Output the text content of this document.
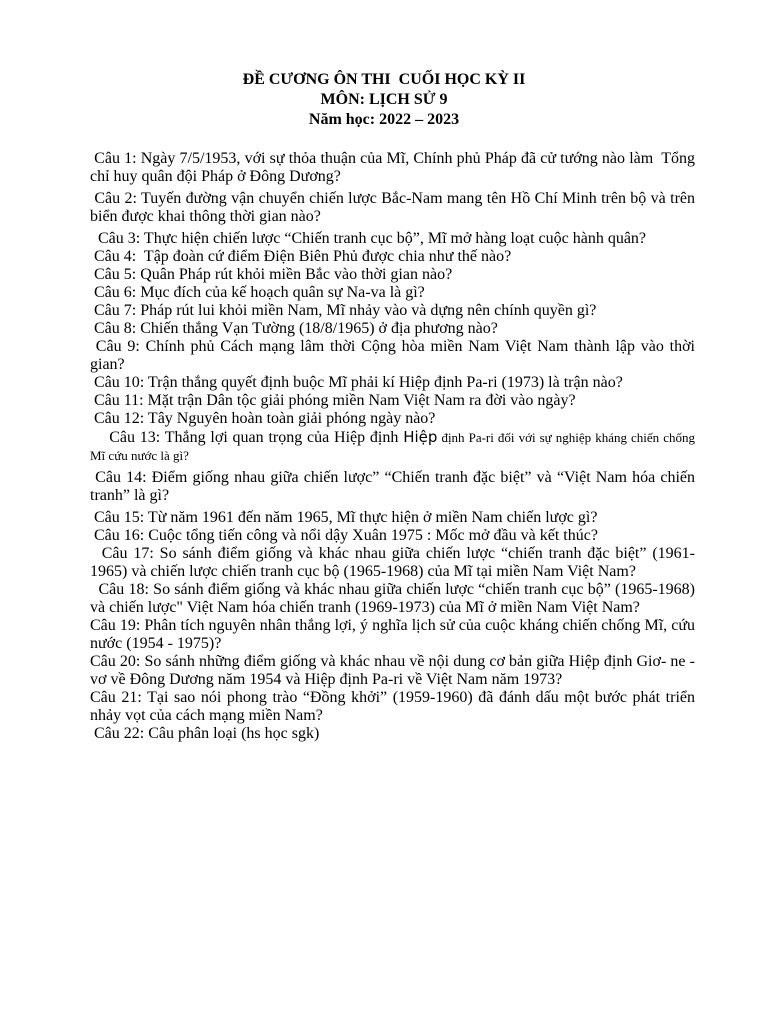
ĐỀ CƯƠNG ÔN THI  CUỐI HỌC KỲ II
MÔN: LỊCH SỬ 9
Năm học: 2022 – 2023

Câu 1: Ngày 7/5/1953, với sự thỏa thuận của Mĩ, Chính phủ Pháp đã cử tướng nào làm  Tổng chỉ huy quân đội Pháp ở Đông Dương?

Câu 2: Tuyến đường vận chuyển chiến lược Bắc-Nam mang tên Hồ Chí Minh trên bộ và trên biển được khai thông thời gian nào?

Câu 3: Thực hiện chiến lược “Chiến tranh cục bộ”, Mĩ mở hàng loạt cuộc hành quân?

Câu 4:  Tập đoàn cứ điểm Điện Biên Phủ được chia như thế nào?

Câu 5: Quân Pháp rút khỏi miền Bắc vào thời gian nào?

Câu 6: Mục đích của kế hoạch quân sự Na-va là gì?

Câu 7: Pháp rút lui khỏi miền Nam, Mĩ nhảy vào và dựng nên chính quyền gì?

Câu 8: Chiến thắng Vạn Tường (18/8/1965) ở địa phương nào?

Câu 9: Chính phủ Cách mạng lâm thời Cộng hòa miền Nam Việt Nam thành lập vào thời gian?

Câu 10: Trận thắng quyết định buộc Mĩ phải kí Hiệp định Pa-ri (1973) là trận nào?

Câu 11: Mặt trận Dân tộc giải phóng miền Nam Việt Nam ra đời vào ngày?

Câu 12: Tây Nguyên hoàn toàn giải phóng ngày nào?

Câu 13: Thắng lợi quan trọng của Hiệp định Hiệp định Pa-ri đối với sự nghiệp kháng chiến chống Mĩ cứu nước là gì?

Câu 14: Điểm giống nhau giữa chiến lược” “Chiến tranh đặc biệt” và “Việt Nam hóa chiến tranh” là gì?

Câu 15: Từ năm 1961 đến năm 1965, Mĩ thực hiện ở miền Nam chiến lược gì?

Câu 16: Cuộc tổng tiến công và nổi dậy Xuân 1975 : Mốc mở đầu và kết thúc?

Câu 17: So sánh điểm giống và khác nhau giữa chiến lược “chiến tranh đặc biệt” (1961-1965) và chiến lược chiến tranh cục bộ (1965-1968) của Mĩ tại miền Nam Việt Nam?

Câu 18: So sánh điểm giống và khác nhau giữa chiến lược “chiến tranh cục bộ” (1965-1968) và chiến lược" Việt Nam hóa chiến tranh (1969-1973) của Mĩ ở miền Nam Việt Nam?

Câu 19: Phân tích nguyên nhân thắng lợi, ý nghĩa lịch sử của cuộc kháng chiến chống Mĩ, cứu nước (1954 - 1975)?

Câu 20: So sánh những điểm giống và khác nhau về nội dung cơ bản giữa Hiệp định Giơ- ne -vơ về Đông Dương năm 1954 và Hiệp định Pa-ri về Việt Nam năm 1973?

Câu 21: Tại sao nói phong trào “Đồng khởi” (1959-1960) đã đánh dấu một bước phát triển nhảy vọt của cách mạng miền Nam?

Câu 22: Câu phân loại (hs học sgk)
